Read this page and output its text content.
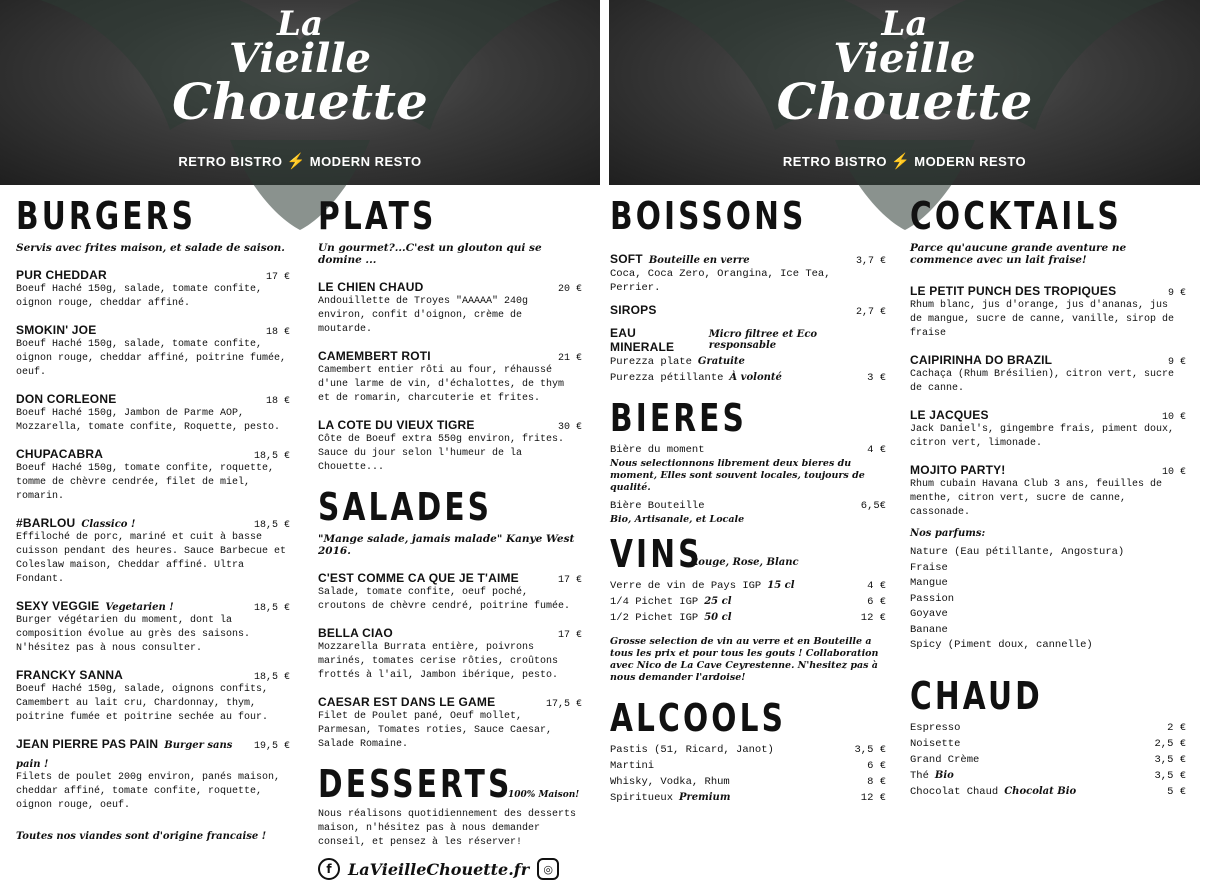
La
Vieille
Chouette
RETRO BISTRO ⚡ MODERN RESTO
La
Vieille
Chouette
RETRO BISTRO ⚡ MODERN RESTO
BURGERS
Servis avec frites maison, et salade de saison.
PUR CHEDDAR	17 €
Boeuf Haché 150g, salade, tomate confite, oignon rouge, cheddar affiné.
SMOKIN' JOE	18 €
Boeuf Haché 150g, salade, tomate confite, oignon rouge, cheddar affiné, poitrine fumée, oeuf.
DON CORLEONE	18 €
Boeuf Haché 150g, Jambon de Parme AOP, Mozzarella, tomate confite, Roquette, pesto.
CHUPACABRA	18,5 €
Boeuf Haché 150g, tomate confite, roquette, tomme de chèvre cendrée, filet de miel, romarin.
#BARLOU Classico !	18,5 €
Effiloché de porc, mariné et cuit à basse cuisson pendant des heures. Sauce Barbecue et Coleslaw maison, Cheddar affiné. Ultra Fondant.
SEXY VEGGIE Vegetarien !	18,5 €
Burger végétarien du moment, dont la composition évolue au grès des saisons. N'hésitez pas à nous consulter.
FRANCKY SANNA	18,5 €
Boeuf Haché 150g, salade, oignons confits, Camembert au lait cru, Chardonnay, thym, poitrine fumée et poitrine sechée au four.
JEAN PIERRE PAS PAIN Burger sans pain !
19,5 €
Filets de poulet 200g environ, panés maison, cheddar affiné, tomate confite, roquette, oignon rouge, oeuf.
Toutes nos viandes sont d'origine francaise !
PLATS
Un gourmet?...C'est un glouton qui se domine ...
LE CHIEN CHAUD	20 €
Andouillette de Troyes "AAAAA" 240g environ, confit d'oignon, crème de moutarde.
CAMEMBERT ROTI	21 €
Camembert entier rôti au four, réhaussé d'une larme de vin, d'échalottes, de thym et de romarin, charcuterie et frites.
LA COTE DU VIEUX TIGRE	30 €
Côte de Boeuf extra 550g environ, frites. Sauce du jour selon l'humeur de la Chouette...
SALADES
"Mange salade, jamais malade" Kanye West 2016.
C'EST COMME CA QUE JE T'AIME	17 €
Salade, tomate confite, oeuf poché, croutons de chèvre cendré, poitrine fumée.
BELLA CIAO	17 €
Mozzarella Burrata entière, poivrons marinés, tomates cerise rôties, croûtons frottés à l'ail, Jambon ibérique, pesto.
CAESAR EST DANS LE GAME	17,5 €
Filet de Poulet pané, Oeuf mollet, Parmesan, Tomates roties, Sauce Caesar, Salade Romaine.
DESSERTS
100% Maison!
Nous réalisons quotidiennement des desserts maison, n'hésitez pas à nous demander conseil, et pensez à les réserver!
f	LaVieilleChouette.fr	◎
BOISSONS
SOFT Bouteille en verre	3,7 €
Coca, Coca Zero, Orangina, Ice Tea, Perrier.
SIROPS	2,7 €
EAU MINERALE
Micro filtree et Eco responsable
Purezza plate Gratuite
Purezza pétillante À volonté	3 €
BIERES
Bière du moment	4 €
Nous selectionnons librement deux bieres du moment, Elles sont souvent locales, toujours de qualité.
Bière Bouteille	6,5€
Bio, Artisanale, et Locale
VINS
Rouge, Rose, Blanc
Verre de vin de Pays IGP 15 cl	4 €
1/4 Pichet IGP 25 cl	6 €
1/2 Pichet IGP 50 cl	12 €
Grosse selection de vin au verre et en Bouteille a tous les prix et pour tous les gouts ! Collaboration avec Nico de La Cave Ceyrestenne. N'hesitez pas à nous demander l'ardoise!
ALCOOLS
Pastis (51, Ricard, Janot)	3,5 €
Martini	6 €
Whisky, Vodka, Rhum	8 €
Spiritueux Premium	12 €
COCKTAILS
Parce qu'aucune grande aventure ne commence avec un lait fraise!
LE PETIT PUNCH DES TROPIQUES	9 €
Rhum blanc, jus d'orange, jus d'ananas, jus de mangue, sucre de canne, vanille, sirop de fraise
CAIPIRINHA DO BRAZIL	9 €
Cachaça (Rhum Brésilien), citron vert, sucre de canne.
LE JACQUES	10 €
Jack Daniel's, gingembre frais, piment doux, citron vert, limonade.
MOJITO PARTY!	10 €
Rhum cubain Havana Club 3 ans, feuilles de menthe, citron vert, sucre de canne, cassonade.
Nos parfums:
Nature (Eau pétillante, Angostura)
Fraise
Mangue
Passion
Goyave
Banane
Spicy (Piment doux, cannelle)
CHAUD
Espresso	2 €
Noisette	2,5 €
Grand Crème	3,5 €
Thé Bio	3,5 €
Chocolat Chaud Chocolat Bio	5 €
